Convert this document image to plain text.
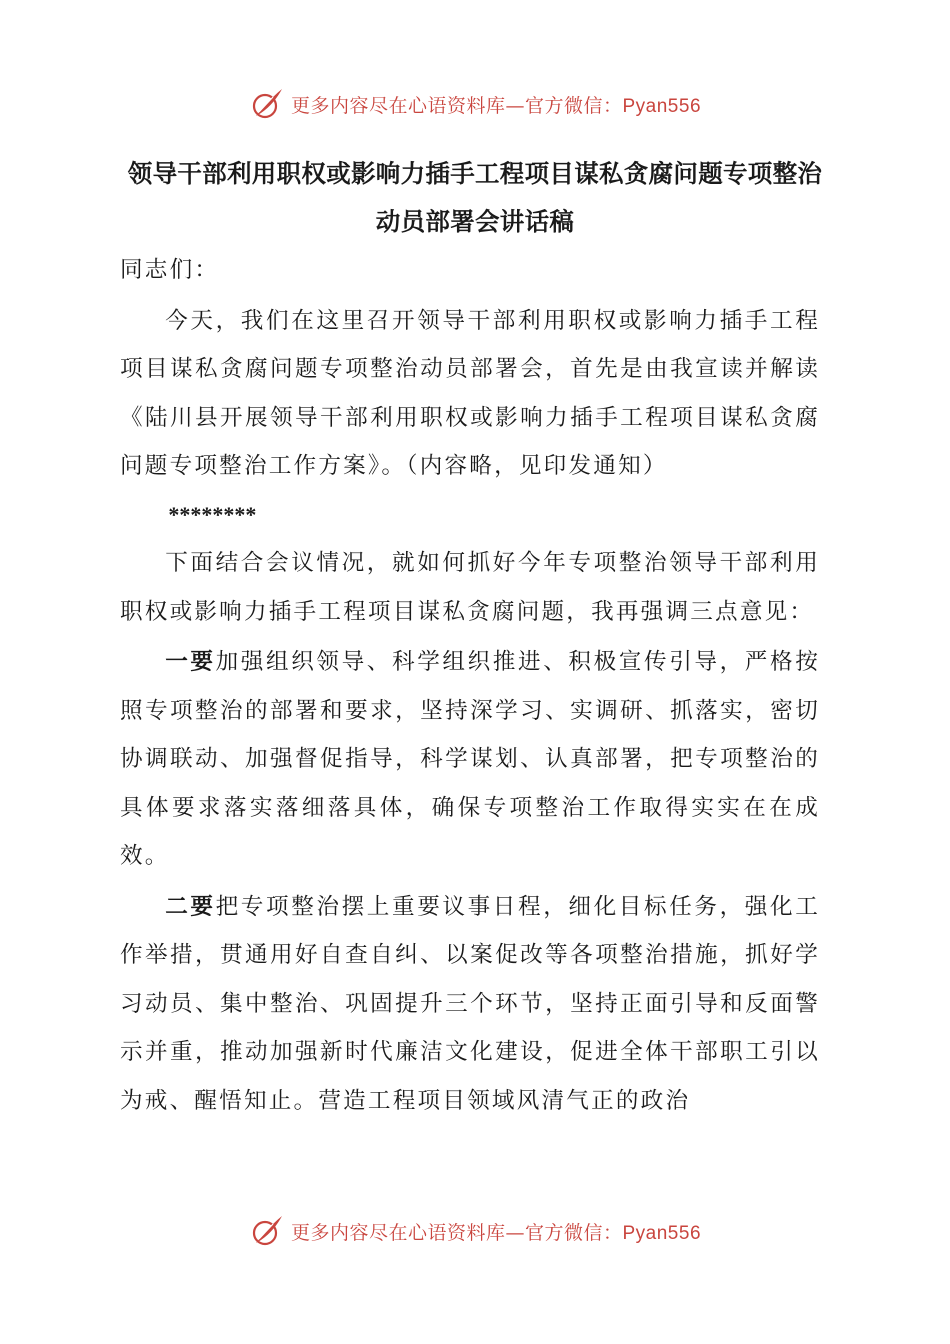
更多内容尽在心语资料库—官方微信：Pyan556
领导干部利用职权或影响力插手工程项目谋私贪腐问题专项整治动员部署会讲话稿

同志们：

今天，我们在这里召开领导干部利用职权或影响力插手工程项目谋私贪腐问题专项整治动员部署会，首先是由我宣读并解读《陆川县开展领导干部利用职权或影响力插手工程项目谋私贪腐问题专项整治工作方案》。（内容略，见印发通知）

********

下面结合会议情况，就如何抓好今年专项整治领导干部利用职权或影响力插手工程项目谋私贪腐问题，我再强调三点意见：

一要加强组织领导、科学组织推进、积极宣传引导，严格按照专项整治的部署和要求，坚持深学习、实调研、抓落实，密切协调联动、加强督促指导，科学谋划、认真部署，把专项整治的具体要求落实落细落具体，确保专项整治工作取得实实在在成效。

二要把专项整治摆上重要议事日程，细化目标任务，强化工作举措，贯通用好自查自纠、以案促改等各项整治措施，抓好学习动员、集中整治、巩固提升三个环节，坚持正面引导和反面警示并重，推动加强新时代廉洁文化建设，促进全体干部职工引以为戒、醒悟知止。营造工程项目领域风清气正的政治

更多内容尽在心语资料库—官方微信：Pyan556
